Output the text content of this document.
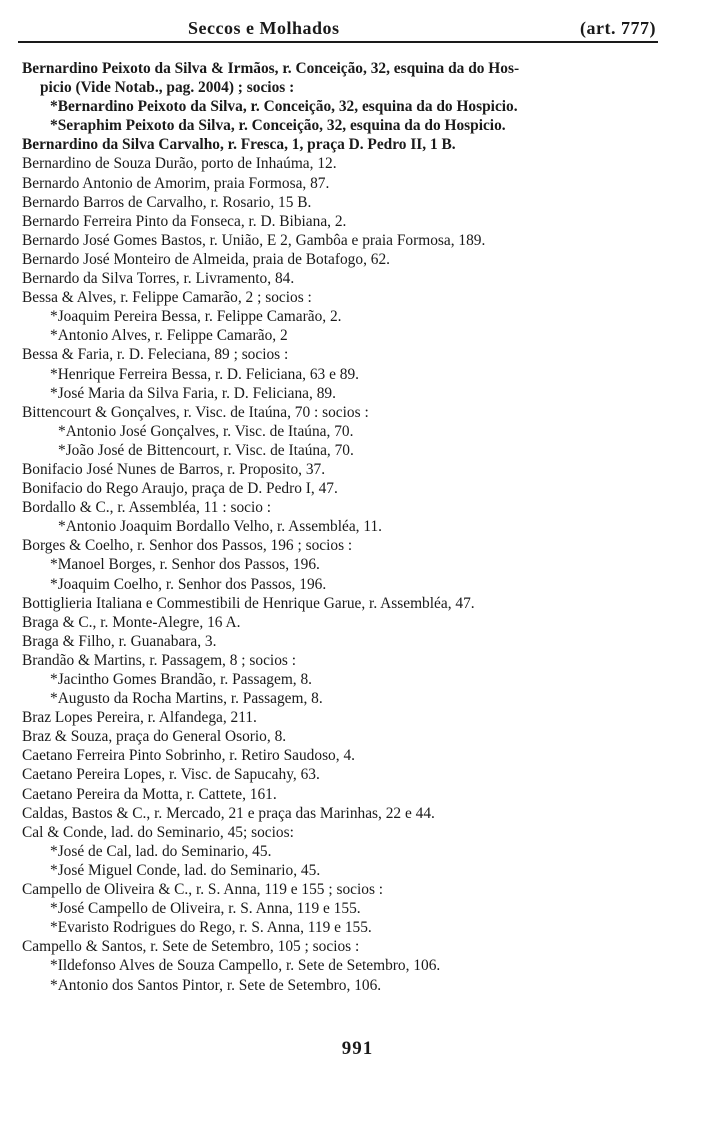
Seccos e Molhados	(art. 777)
Bernardino Peixoto da Silva & Irmãos, r. Conceição, 32, esquina da do Hos-
picio (Vide Notab., pag. 2004) ; socios :
*Bernardino Peixoto da Silva, r. Conceição, 32, esquina da do Hospicio.
*Seraphim Peixoto da Silva, r. Conceição, 32, esquina da do Hospicio.
Bernardino da Silva Carvalho, r. Fresca, 1, praça D. Pedro II, 1 B.
Bernardino de Souza Durão, porto de Inhaúma, 12.
Bernardo Antonio de Amorim, praia Formosa, 87.
Bernardo Barros de Carvalho, r. Rosario, 15 B.
Bernardo Ferreira Pinto da Fonseca, r. D. Bibiana, 2.
Bernardo José Gomes Bastos, r. União, E 2, Gambôa e praia Formosa, 189.
Bernardo José Monteiro de Almeida, praia de Botafogo, 62.
Bernardo da Silva Torres, r. Livramento, 84.
Bessa & Alves, r. Felippe Camarão, 2 ; socios :
*Joaquim Pereira Bessa, r. Felippe Camarão, 2.
*Antonio Alves, r. Felippe Camarão, 2
Bessa & Faria, r. D. Feleciana, 89 ; socios :
*Henrique Ferreira Bessa, r. D. Feliciana, 63 e 89.
*José Maria da Silva Faria, r. D. Feliciana, 89.
Bittencourt & Gonçalves, r. Visc. de Itaúna, 70 : socios :
*Antonio José Gonçalves, r. Visc. de Itaúna, 70.
*João José de Bittencourt, r. Visc. de Itaúna, 70.
Bonifacio José Nunes de Barros, r. Proposito, 37.
Bonifacio do Rego Araujo, praça de D. Pedro I, 47.
Bordallo & C., r. Assembléa, 11 : socio :
*Antonio Joaquim Bordallo Velho, r. Assembléa, 11.
Borges & Coelho, r. Senhor dos Passos, 196 ; socios :
*Manoel Borges, r. Senhor dos Passos, 196.
*Joaquim Coelho, r. Senhor dos Passos, 196.
Bottiglieria Italiana e Commestibili de Henrique Garue, r. Assembléa, 47.
Braga & C., r. Monte-Alegre, 16 A.
Braga & Filho, r. Guanabara, 3.
Brandão & Martins, r. Passagem, 8 ; socios :
*Jacintho Gomes Brandão, r. Passagem, 8.
*Augusto da Rocha Martins, r. Passagem, 8.
Braz Lopes Pereira, r. Alfandega, 211.
Braz & Souza, praça do General Osorio, 8.
Caetano Ferreira Pinto Sobrinho, r. Retiro Saudoso, 4.
Caetano Pereira Lopes, r. Visc. de Sapucahy, 63.
Caetano Pereira da Motta, r. Cattete, 161.
Caldas, Bastos & C., r. Mercado, 21 e praça das Marinhas, 22 e 44.
Cal & Conde, lad. do Seminario, 45; socios:
*José de Cal, lad. do Seminario, 45.
*José Miguel Conde, lad. do Seminario, 45.
Campello de Oliveira & C., r. S. Anna, 119 e 155 ; socios :
*José Campello de Oliveira, r. S. Anna, 119 e 155.
*Evaristo Rodrigues do Rego, r. S. Anna, 119 e 155.
Campello & Santos, r. Sete de Setembro, 105 ; socios :
*Ildefonso Alves de Souza Campello, r. Sete de Setembro, 106.
*Antonio dos Santos Pintor, r. Sete de Setembro, 106.
991
